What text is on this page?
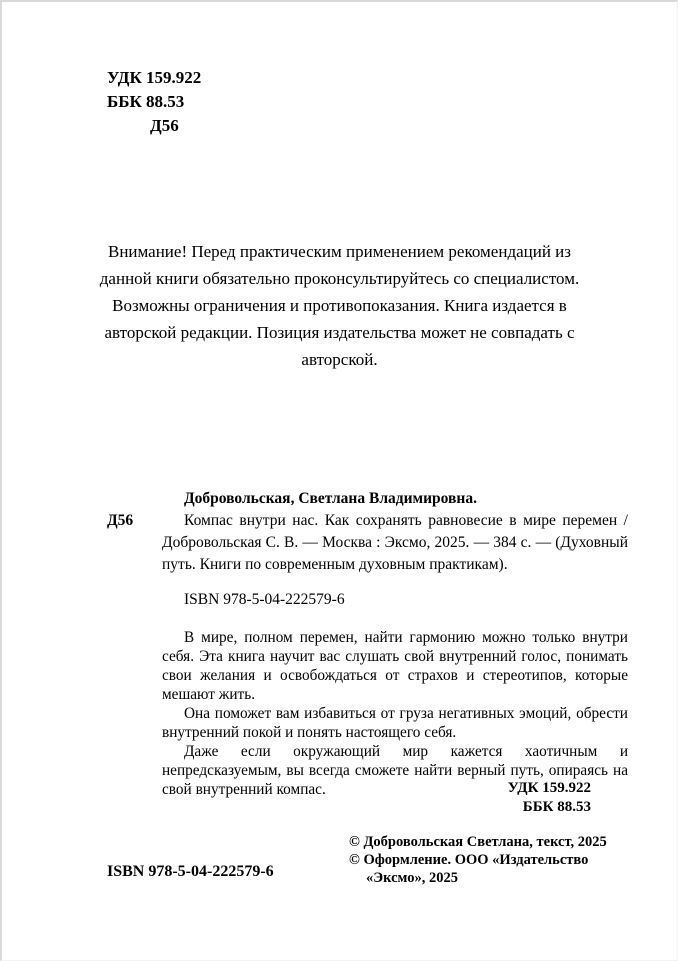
УДК 159.922
ББК 88.53
Д56

Внимание! Перед практическим применением рекомендаций из данной книги обязательно проконсультируйтесь со специалистом. Возможны ограничения и противопоказания. Книга издается в авторской редакции. Позиция издательства может не совпадать с авторской.

Д56

Добровольская, Светлана Владимировна.

Компас внутри нас. Как сохранять равновесие в мире перемен / Добровольская С. В. — Москва : Эксмо, 2025. — 384 с. — (Духовный путь. Книги по современным духовным практикам).

ISBN 978-5-04-222579-6

В мире, полном перемен, найти гармонию можно только внутри себя. Эта книга научит вас слушать свой внутренний голос, понимать свои желания и освобождаться от страхов и стереотипов, которые мешают жить.

Она поможет вам избавиться от груза негативных эмоций, обрести внутренний покой и понять настоящего себя.

Даже если окружающий мир кажется хаотичным и непредсказуемым, вы всегда сможете найти верный путь, опираясь на свой внутренний компас.	УДК 159.922
ББК 88.53
ISBN 978-5-04-222579-6

© Добровольская Светлана, текст, 2025

© Оформление. ООО «Издательство «Эксмо», 2025
